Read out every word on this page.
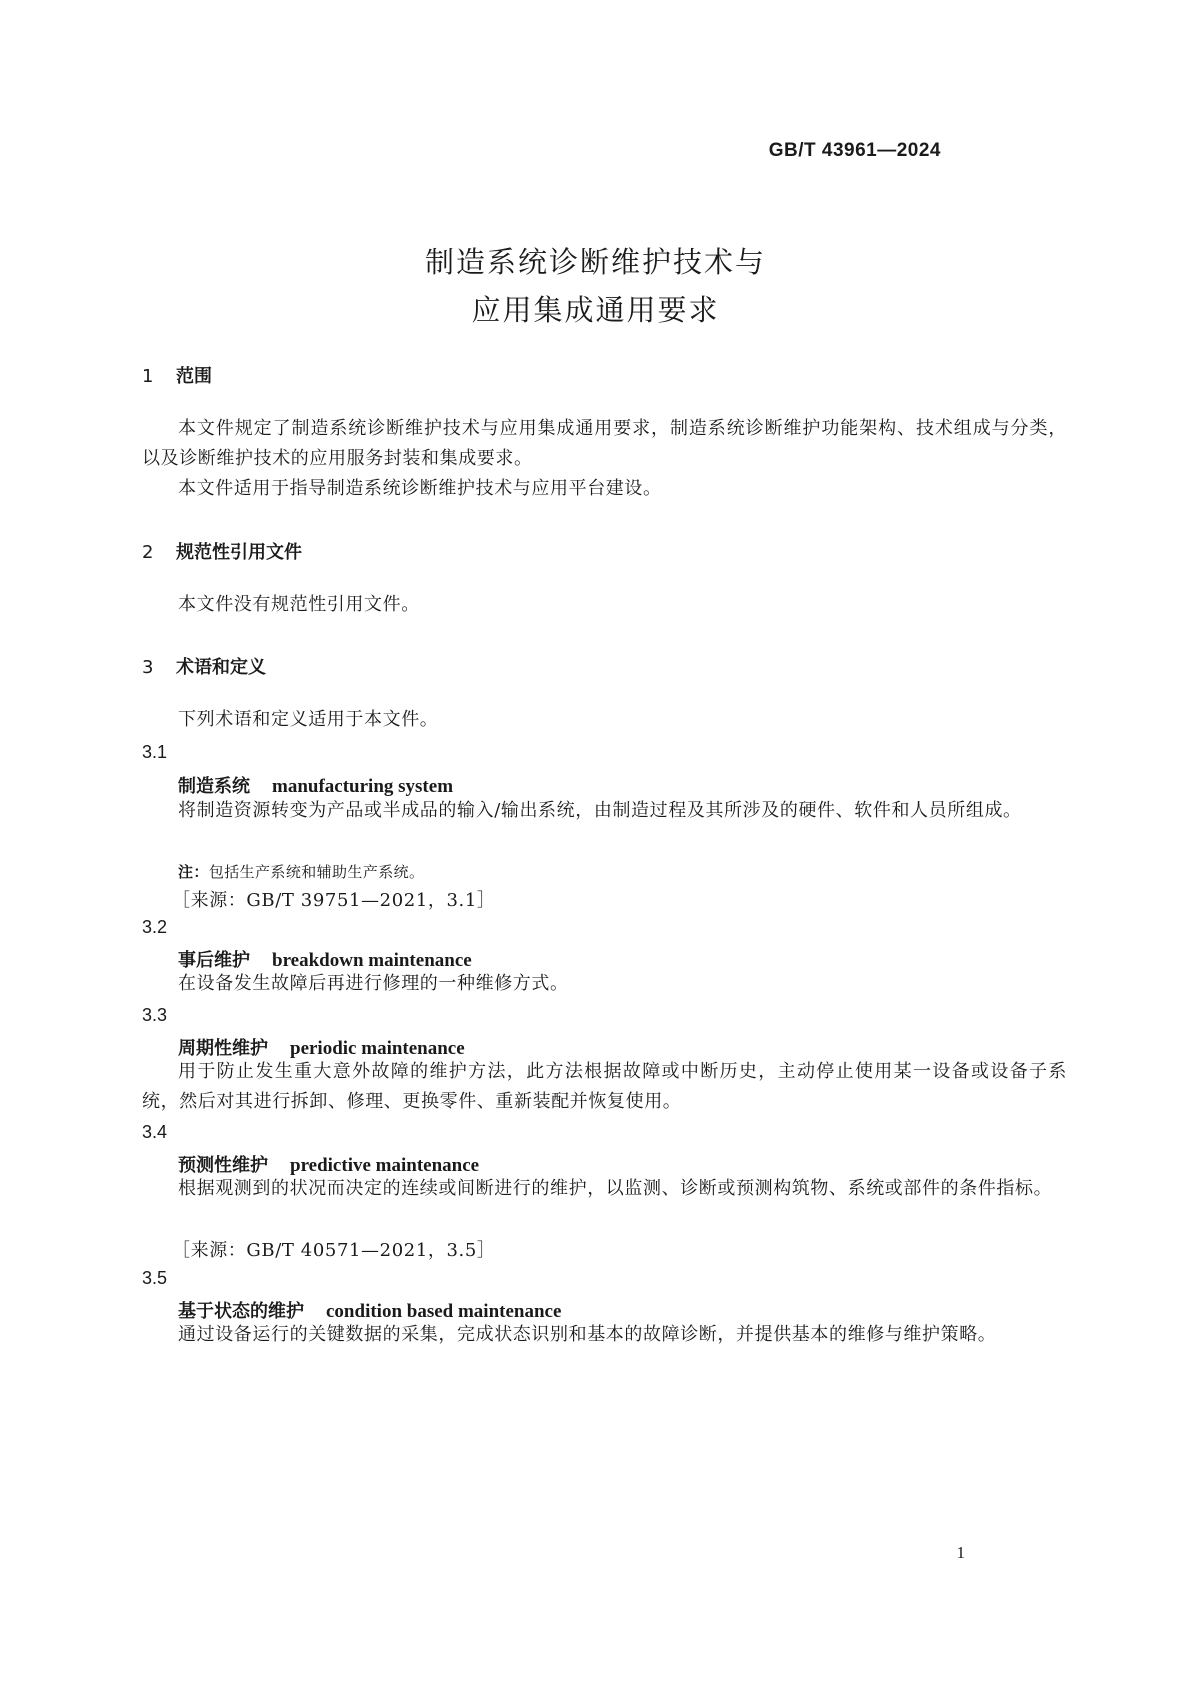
GB/T 43961—2024
制造系统诊断维护技术与
应用集成通用要求
1 范围

本文件规定了制造系统诊断维护技术与应用集成通用要求，制造系统诊断维护功能架构、技术组成与分类，以及诊断维护技术的应用服务封装和集成要求。

本文件适用于指导制造系统诊断维护技术与应用平台建设。

2 规范性引用文件

本文件没有规范性引用文件。

3 术语和定义

下列术语和定义适用于本文件。

3.1
制造系统 manufacturing system

将制造资源转变为产品或半成品的输入/输出系统，由制造过程及其所涉及的硬件、软件和人员所组成。

注：包括生产系统和辅助生产系统。
［来源：GB/T 39751—2021，3.1］
3.2
事后维护 breakdown maintenance

在设备发生故障后再进行修理的一种维修方式。

3.3
周期性维护 periodic maintenance

用于防止发生重大意外故障的维护方法，此方法根据故障或中断历史，主动停止使用某一设备或设备子系统，然后对其进行拆卸、修理、更换零件、重新装配并恢复使用。

3.4
预测性维护 predictive maintenance

根据观测到的状况而决定的连续或间断进行的维护，以监测、诊断或预测构筑物、系统或部件的条件指标。

［来源：GB/T 40571—2021，3.5］
3.5
基于状态的维护 condition based maintenance

通过设备运行的关键数据的采集，完成状态识别和基本的故障诊断，并提供基本的维修与维护策略。

1
